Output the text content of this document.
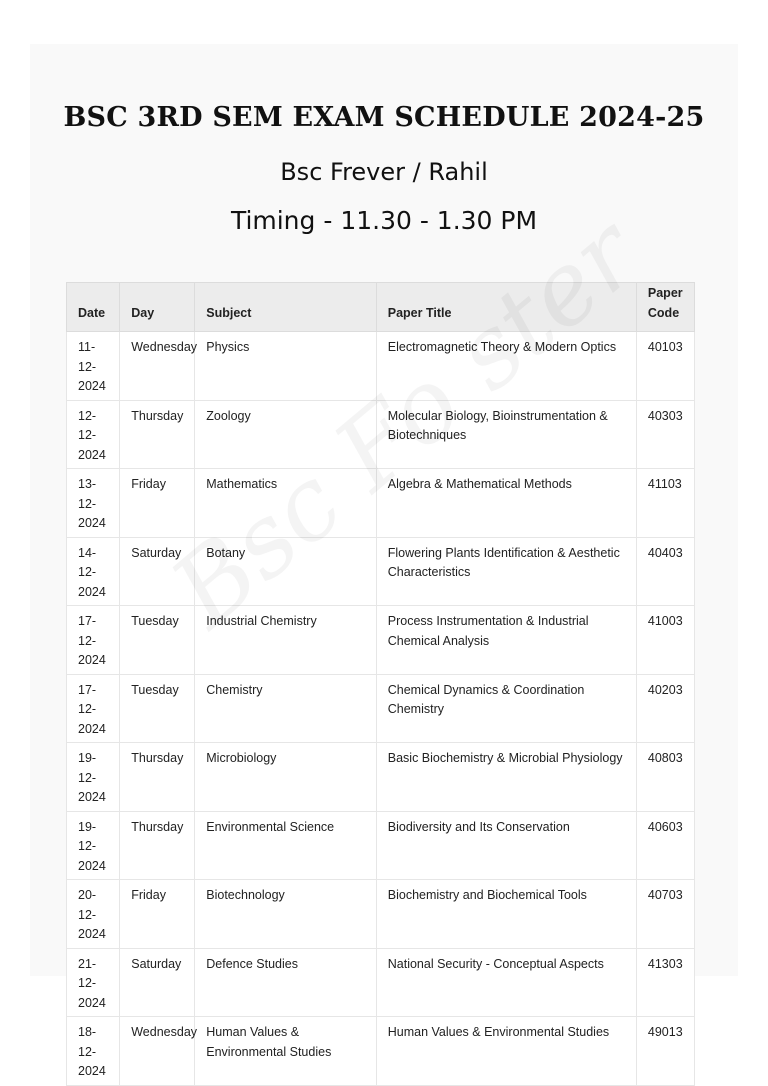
BSC 3RD SEM EXAM SCHEDULE 2024-25

Bsc Frever / Rahil

Timing - 11.30 - 1.30 PM

Date	Day	Subject	Paper Title	Paper Code
11-12-2024	Wednesday	Physics	Electromagnetic Theory & Modern Optics	40103
12-12-2024	Thursday	Zoology	Molecular Biology, Bioinstrumentation & Biotechniques	40303
13-12-2024	Friday	Mathematics	Algebra & Mathematical Methods	41103
14-12-2024	Saturday	Botany	Flowering Plants Identification & Aesthetic Characteristics	40403
17-12-2024	Tuesday	Industrial Chemistry	Process Instrumentation & Industrial Chemical Analysis	41003
17-12-2024	Tuesday	Chemistry	Chemical Dynamics & Coordination Chemistry	40203
19-12-2024	Thursday	Microbiology	Basic Biochemistry & Microbial Physiology	40803
19-12-2024	Thursday	Environmental Science	Biodiversity and Its Conservation	40603
20-12-2024	Friday	Biotechnology	Biochemistry and Biochemical Tools	40703
21-12-2024	Saturday	Defence Studies	National Security - Conceptual Aspects	41303
18-12-2024	Wednesday	Human Values & Environmental Studies	Human Values & Environmental Studies	49013
